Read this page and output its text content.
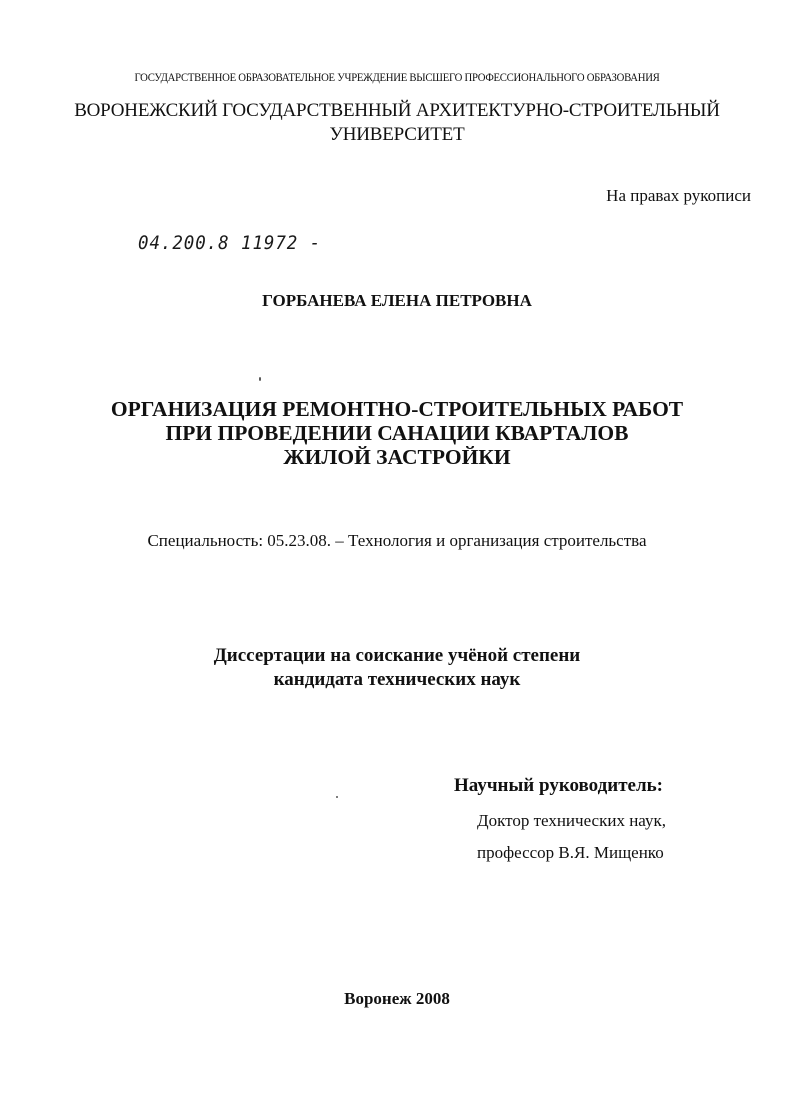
ГОСУДАРСТВЕННОЕ ОБРАЗОВАТЕЛЬНОЕ УЧРЕЖДЕНИЕ ВЫСШЕГО ПРОФЕССИОНАЛЬНОГО ОБРАЗОВАНИЯ
ВОРОНЕЖСКИЙ ГОСУДАРСТВЕННЫЙ АРХИТЕКТУРНО-СТРОИТЕЛЬНЫЙ
УНИВЕРСИТЕТ
На правах рукописи
04.200.8 11972 -
ГОРБАНЕВА ЕЛЕНА ПЕТРОВНА
ОРГАНИЗАЦИЯ РЕМОНТНО-СТРОИТЕЛЬНЫХ РАБОТ
ПРИ ПРОВЕДЕНИИ САНАЦИИ КВАРТАЛОВ
ЖИЛОЙ ЗАСТРОЙКИ
Специальность: 05.23.08. – Технология и организация строительства
Диссертации на соискание учёной степени
кандидата технических наук
Научный руководитель:
Доктор технических наук,
профессор В.Я. Мищенко
Воронеж 2008
